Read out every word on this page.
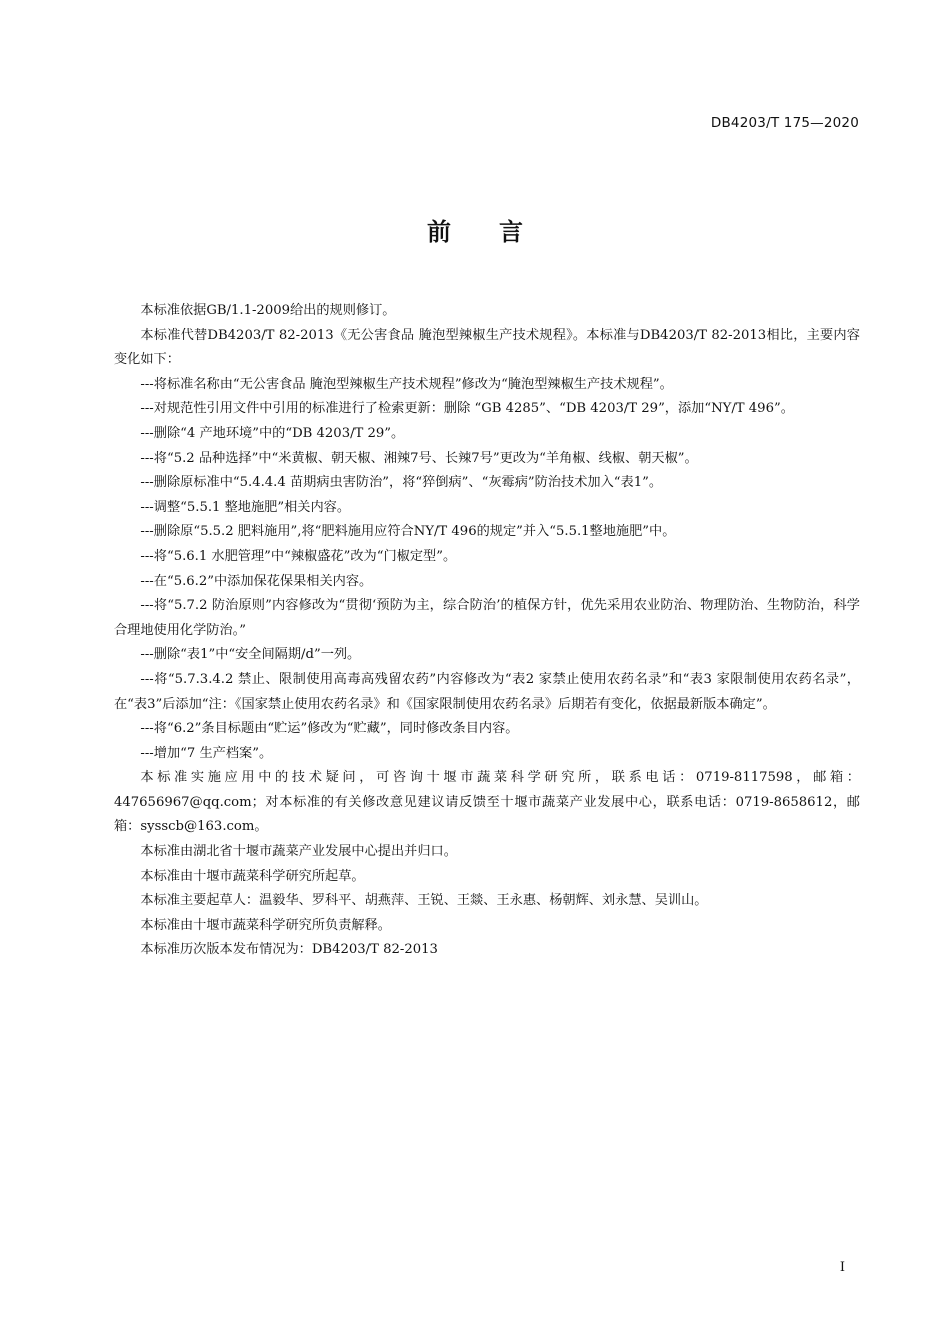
DB4203/T 175—2020
前言

本标准依据GB/1.1-2009给出的规则修订。

本标准代替DB4203/T 82-2013《无公害食品 腌泡型辣椒生产技术规程》。本标准与DB4203/T 82-2013相比，主要内容变化如下：

---将标准名称由“无公害食品 腌泡型辣椒生产技术规程”修改为“腌泡型辣椒生产技术规程”。

---对规范性引用文件中引用的标准进行了检索更新：删除 “GB 4285”、“DB 4203/T 29”，添加“NY/T 496”。

---删除“4 产地环境”中的“DB 4203/T 29”。

---将“5.2 品种选择”中“米黄椒、朝天椒、湘辣7号、长辣7号”更改为“羊角椒、线椒、朝天椒”。

---删除原标准中“5.4.4.4 苗期病虫害防治”，将“猝倒病”、“灰霉病”防治技术加入“表1”。

---调整“5.5.1 整地施肥”相关内容。

---删除原“5.5.2 肥料施用”,将“肥料施用应符合NY/T 496的规定”并入“5.5.1整地施肥”中。

---将“5.6.1 水肥管理”中“辣椒盛花”改为“门椒定型”。

---在“5.6.2”中添加保花保果相关内容。

---将“5.7.2 防治原则”内容修改为“贯彻‘预防为主，综合防治’的植保方针，优先采用农业防治、物理防治、生物防治，科学合理地使用化学防治。”

---删除“表1”中“安全间隔期/d”一列。

---将“5.7.3.4.2 禁止、限制使用高毒高残留农药”内容修改为“表2 家禁止使用农药名录”和“表3 家限制使用农药名录”，在“表3”后添加“注：《国家禁止使用农药名录》和《国家限制使用农药名录》后期若有变化，依据最新版本确定”。

---将“6.2”条目标题由“贮运”修改为“贮藏”，同时修改条目内容。

---增加“7 生产档案”。

本标准实施应用中的技术疑问，可咨询十堰市蔬菜科学研究所，联系电话：0719-8117598，邮箱：447656967@qq.com；对本标准的有关修改意见建议请反馈至十堰市蔬菜产业发展中心，联系电话：0719-8658612，邮箱：sysscb@163.com。

本标准由湖北省十堰市蔬菜产业发展中心提出并归口。

本标准由十堰市蔬菜科学研究所起草。

本标准主要起草人：温毅华、罗科平、胡燕萍、王锐、王燚、王永惠、杨朝辉、刘永慧、吴训山。

本标准由十堰市蔬菜科学研究所负责解释。

本标准历次版本发布情况为：DB4203/T 82-2013

I
